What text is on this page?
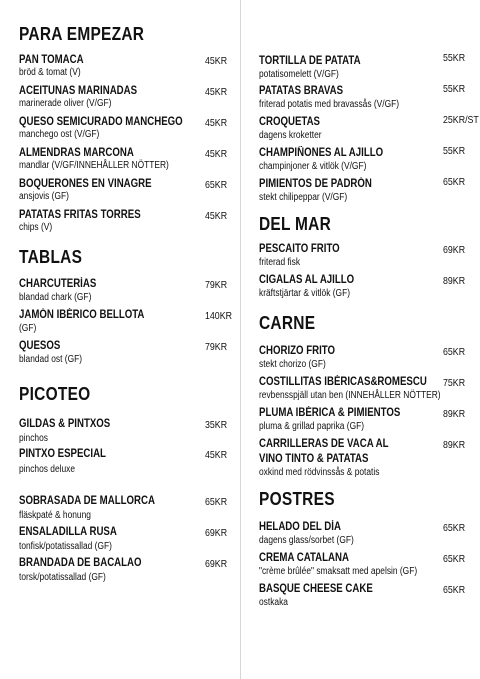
PARA EMPEZAR
PAN TOMACA	45KR
bröd & tomat (V)
ACEITUNAS MARINADAS	45KR
marinerade oliver (V/GF)
QUESO SEMICURADO MANCHEGO 45KR
manchego ost (V/GF)
ALMENDRAS MARCONA	45KR
mandlar (V/GF/INNEHÅLLER NÖTTER)
BOQUERONES EN VINAGRE	65KR
ansjovis (GF)
PATATAS FRITAS TORRES	45KR
chips (V)
TABLAS
CHARCUTERÍAS	79KR
blandad chark (GF)
JAMÓN IBÉRICO BELLOTA	140KR
(GF)
QUESOS	79KR
blandad ost (GF)
PICOTEO
GILDAS & PINTXOS	35KR
pinchos
PINTXO ESPECIAL	45KR
pinchos deluxe
SOBRASADA DE MALLORCA	65KR
fläskpaté & honung
ENSALADILLA RUSA	69KR
tonfisk/potatissallad (GF)
BRANDADA DE BACALAO	69KR
torsk/potatissallad (GF)
TORTILLA DE PATATA	55KR
potatisomelett (V/GF)
PATATAS BRAVAS	55KR
friterad potatis med bravassås (V/GF)
CROQUETAS	25KR/ST
dagens kroketter
CHAMPIÑONES AL AJILLO	55KR
champinjoner & vitlök (V/GF)
PIMIENTOS DE PADRÓN	65KR
stekt chilipeppar (V/GF)
DEL MAR
PESCAITO FRITO	69KR
friterad fisk
CIGALAS AL AJILLO	89KR
kräftstjärtar & vitlök (GF)
CARNE
CHORIZO FRITO	65KR
stekt chorizo (GF)
COSTILLITAS IBÉRICAS&ROMESCU 75KR
revbensspjäll utan ben (INNEHÅLLER NÖTTER)
PLUMA IBÉRICA & PIMIENTOS	89KR
pluma & grillad paprika (GF)
CARRILLERAS DE VACA AL	89KR
VINO TINTO & PATATAS
oxkind med rödvinssås & potatis
POSTRES
HELADO DEL DÍA	65KR
dagens glass/sorbet (GF)
CREMA CATALANA	65KR
"crème brûlée" smaksatt med apelsin (GF)
BASQUE CHEESE CAKE	65KR
ostkaka
